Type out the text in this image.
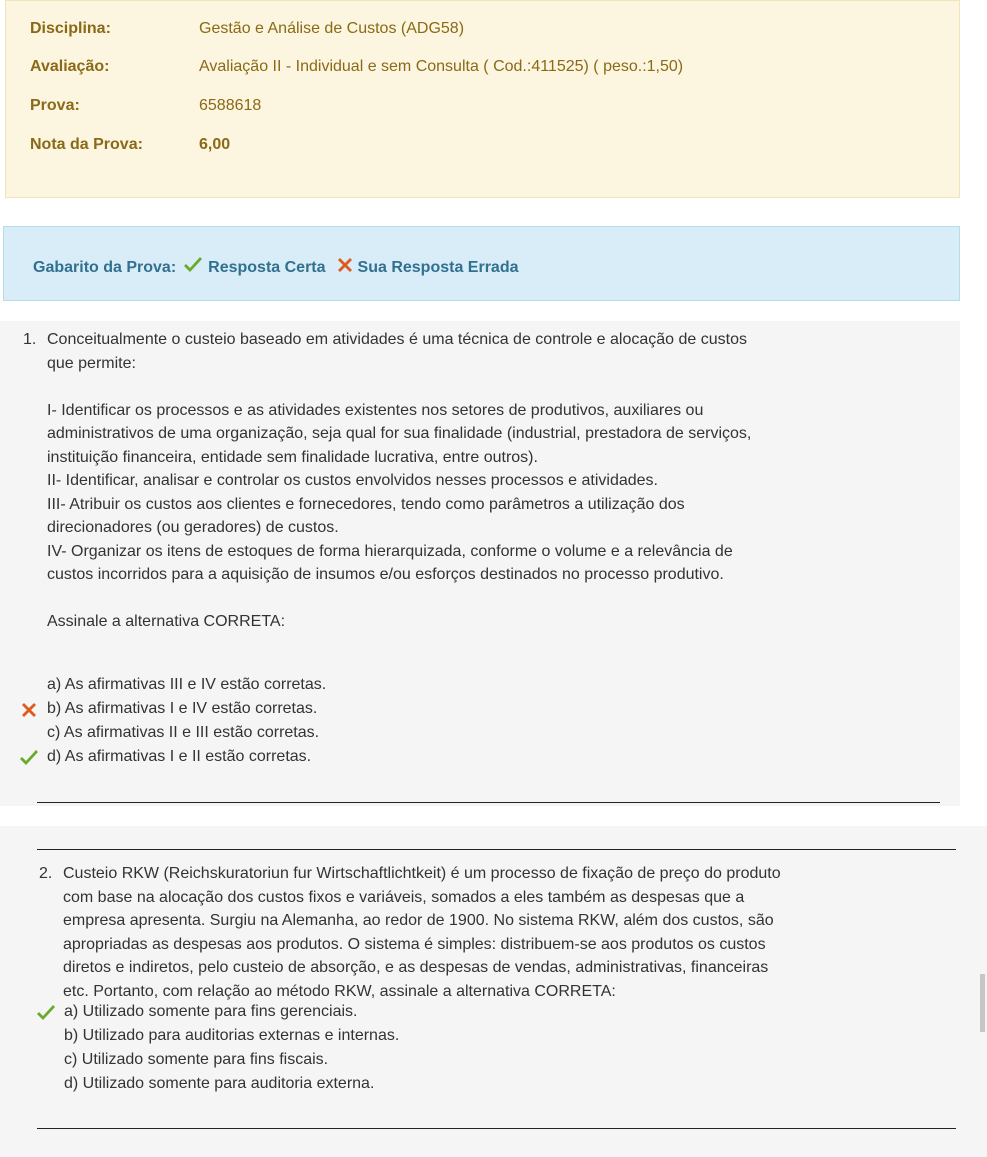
Disciplina:	Gestão e Análise de Custos (ADG58)
Avaliação:	Avaliação II - Individual e sem Consulta ( Cod.:411525) ( peso.:1,50)
Prova:	6588618
Nota da Prova:	6,00
Gabarito da Prova: Resposta Certa Sua Resposta Errada
1. Conceitualmente o custeio baseado em atividades é uma técnica de controle e alocação de custos

que permite:

I- Identificar os processos e as atividades existentes nos setores de produtivos, auxiliares ou

administrativos de uma organização, seja qual for sua finalidade (industrial, prestadora de serviços,

instituição financeira, entidade sem finalidade lucrativa, entre outros).

II- Identificar, analisar e controlar os custos envolvidos nesses processos e atividades.

III- Atribuir os custos aos clientes e fornecedores, tendo como parâmetros a utilização dos

direcionadores (ou geradores) de custos.

IV- Organizar os itens de estoques de forma hierarquizada, conforme o volume e a relevância de

custos incorridos para a aquisição de insumos e/ou esforços destinados no processo produtivo.

Assinale a alternativa CORRETA:

a) As afirmativas III e IV estão corretas.
b) As afirmativas I e IV estão corretas.
c) As afirmativas II e III estão corretas.
d) As afirmativas I e II estão corretas.
2. Custeio RKW (Reichskuratoriun fur Wirtschaftlichtkeit) é um processo de fixação de preço do produto

com base na alocação dos custos fixos e variáveis, somados a eles também as despesas que a

empresa apresenta. Surgiu na Alemanha, ao redor de 1900. No sistema RKW, além dos custos, são

apropriadas as despesas aos produtos. O sistema é simples: distribuem-se aos produtos os custos

diretos e indiretos, pelo custeio de absorção, e as despesas de vendas, administrativas, financeiras

etc. Portanto, com relação ao método RKW, assinale a alternativa CORRETA:

a) Utilizado somente para fins gerenciais.
b) Utilizado para auditorias externas e internas.
c) Utilizado somente para fins fiscais.
d) Utilizado somente para auditoria externa.
